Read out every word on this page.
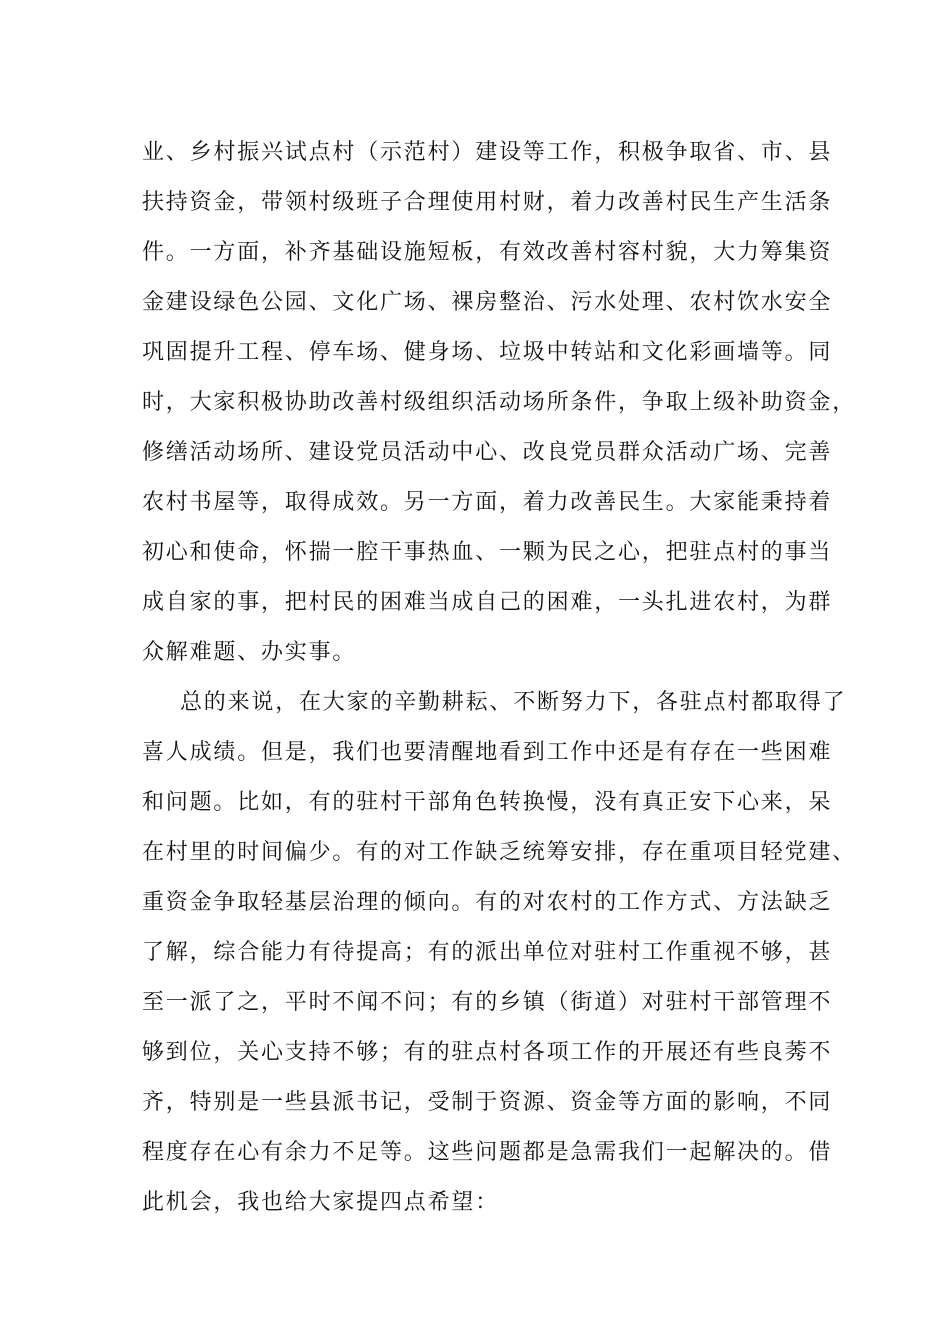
业、乡村振兴试点村（示范村）建设等工作，积极争取省、市、县
扶持资金，带领村级班子合理使用村财，着力改善村民生产生活条
件。一方面，补齐基础设施短板，有效改善村容村貌，大力筹集资
金建设绿色公园、文化广场、裸房整治、污水处理、农村饮水安全
巩固提升工程、停车场、健身场、垃圾中转站和文化彩画墙等。同
时，大家积极协助改善村级组织活动场所条件，争取上级补助资金，
修缮活动场所、建设党员活动中心、改良党员群众活动广场、完善
农村书屋等，取得成效。另一方面，着力改善民生。大家能秉持着
初心和使命，怀揣一腔干事热血、一颗为民之心，把驻点村的事当
成自家的事，把村民的困难当成自己的困难，一头扎进农村，为群
众解难题、办实事。
总的来说，在大家的辛勤耕耘、不断努力下，各驻点村都取得了
喜人成绩。但是，我们也要清醒地看到工作中还是有存在一些困难
和问题。比如，有的驻村干部角色转换慢，没有真正安下心来，呆
在村里的时间偏少。有的对工作缺乏统筹安排，存在重项目轻党建、
重资金争取轻基层治理的倾向。有的对农村的工作方式、方法缺乏
了解，综合能力有待提高；有的派出单位对驻村工作重视不够，甚
至一派了之，平时不闻不问；有的乡镇（街道）对驻村干部管理不
够到位，关心支持不够；有的驻点村各项工作的开展还有些良莠不
齐，特别是一些县派书记，受制于资源、资金等方面的影响，不同
程度存在心有余力不足等。这些问题都是急需我们一起解决的。借
此机会，我也给大家提四点希望：
